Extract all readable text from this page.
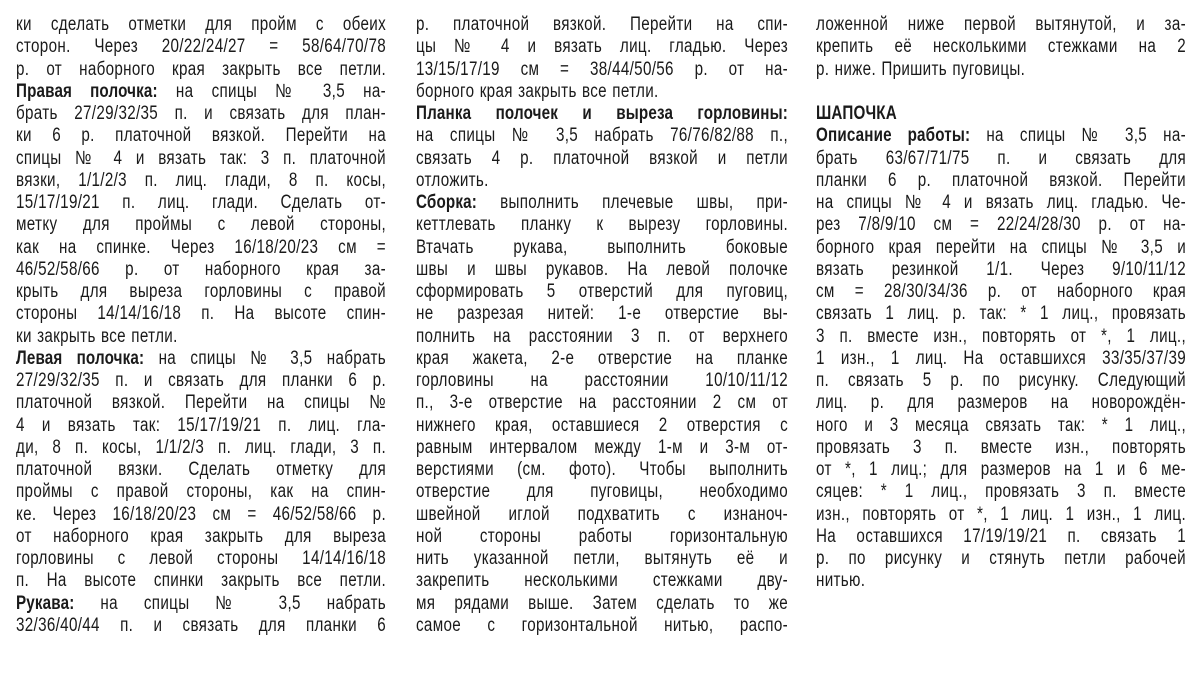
ки сделать отметки для пройм с обеих
сторон. Через 20/22/24/27 = 58/64/70/78
р. от наборного края закрыть все петли.
Правая полочка: на спицы № 3,5 на-
брать 27/29/32/35 п. и связать для план-
ки 6 р. платочной вязкой. Перейти на
спицы № 4 и вязать так: 3 п. платочной
вязки, 1/1/2/3 п. лиц. глади, 8 п. косы,
15/17/19/21 п. лиц. глади. Сделать от-
метку для проймы с левой стороны,
как на спинке. Через 16/18/20/23 см =
46/52/58/66 р. от наборного края за-
крыть для выреза горловины с правой
стороны 14/14/16/18 п. На высоте спин-
ки закрыть все петли.
Левая полочка: на спицы № 3,5 набрать
27/29/32/35 п. и связать для планки 6 р.
платочной вязкой. Перейти на спицы №
4 и вязать так: 15/17/19/21 п. лиц. гла-
ди, 8 п. косы, 1/1/2/3 п. лиц. глади, 3 п.
платочной вязки. Сделать отметку для
проймы с правой стороны, как на спин-
ке. Через 16/18/20/23 см = 46/52/58/66 р.
от наборного края закрыть для выреза
горловины с левой стороны 14/14/16/18
п. На высоте спинки закрыть все петли.
Рукава: на спицы № 3,5 набрать
32/36/40/44 п. и связать для планки 6
р. платочной вязкой. Перейти на спи-
цы № 4 и вязать лиц. гладью. Через
13/15/17/19 см = 38/44/50/56 р. от на-
борного края закрыть все петли.
Планка полочек и выреза горловины:
на спицы № 3,5 набрать 76/76/82/88 п.,
связать 4 р. платочной вязкой и петли
отложить.
Сборка: выполнить плечевые швы, при-
кеттлевать планку к вырезу горловины.
Втачать рукава, выполнить боковые
швы и швы рукавов. На левой полочке
сформировать 5 отверстий для пуговиц,
не разрезая нитей: 1-е отверстие вы-
полнить на расстоянии 3 п. от верхнего
края жакета, 2-е отверстие на планке
горловины на расстоянии 10/10/11/12
п., 3-е отверстие на расстоянии 2 см от
нижнего края, оставшиеся 2 отверстия с
равным интервалом между 1-м и 3-м от-
верстиями (см. фото). Чтобы выполнить
отверстие для пуговицы, необходимо
швейной иглой подхватить с изнаноч-
ной стороны работы горизонтальную
нить указанной петли, вытянуть её и
закрепить несколькими стежками дву-
мя рядами выше. Затем сделать то же
самое с горизонтальной нитью, распо-
ложенной ниже первой вытянутой, и за-
крепить её несколькими стежками на 2
р. ниже. Пришить пуговицы.
ШАПОЧКА
Описание работы: на спицы № 3,5 на-
брать 63/67/71/75 п. и связать для
планки 6 р. платочной вязкой. Перейти
на спицы № 4 и вязать лиц. гладью. Че-
рез 7/8/9/10 см = 22/24/28/30 р. от на-
борного края перейти на спицы № 3,5 и
вязать резинкой 1/1. Через 9/10/11/12
см = 28/30/34/36 р. от наборного края
связать 1 лиц. р. так: * 1 лиц., провязать
3 п. вместе изн., повторять от *, 1 лиц.,
1 изн., 1 лиц. На оставшихся 33/35/37/39
п. связать 5 р. по рисунку. Следующий
лиц. р. для размеров на новорождён-
ного и 3 месяца связать так: * 1 лиц.,
провязать 3 п. вместе изн., повторять
от *, 1 лиц.; для размеров на 1 и 6 ме-
сяцев: * 1 лиц., провязать 3 п. вместе
изн., повторять от *, 1 лиц. 1 изн., 1 лиц.
На оставшихся 17/19/19/21 п. связать 1
р. по рисунку и стянуть петли рабочей
нитью.
